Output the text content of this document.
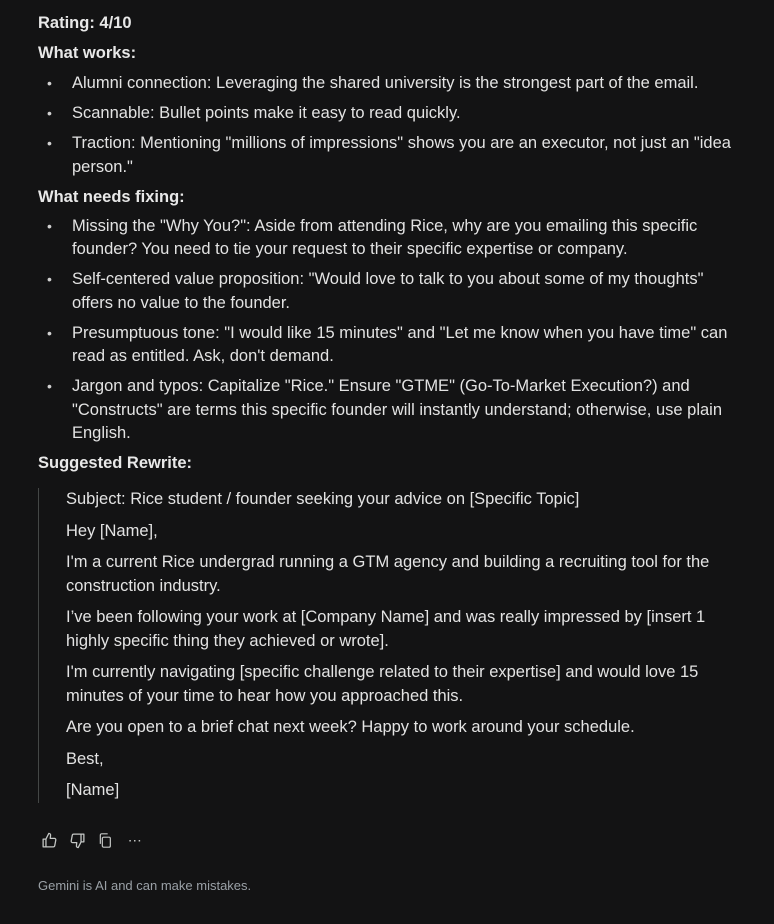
Rating: 4/10

What works:

• Alumni connection: Leveraging the shared university is the strongest part of the email.
• Scannable: Bullet points make it easy to read quickly.
• Traction: Mentioning "millions of impressions" shows you are an executor, not just an "idea person."

What needs fixing:

• Missing the "Why You?": Aside from attending Rice, why are you emailing this specific founder? You need to tie your request to their specific expertise or company.
• Self-centered value proposition: "Would love to talk to you about some of my thoughts" offers no value to the founder.
• Presumptuous tone: "I would like 15 minutes" and "Let me know when you have time" can read as entitled. Ask, don't demand.
• Jargon and typos: Capitalize "Rice." Ensure "GTME" (Go-To-Market Execution?) and "Constructs" are terms this specific founder will instantly understand; otherwise, use plain English.

Suggested Rewrite:

Subject: Rice student / founder seeking your advice on [Specific Topic]

Hey [Name],

I'm a current Rice undergrad running a GTM agency and building a recruiting tool for the construction industry.

I’ve been following your work at [Company Name] and was really impressed by [insert 1 highly specific thing they achieved or wrote].

I'm currently navigating [specific challenge related to their expertise] and would love 15 minutes of your time to hear how you approached this.

Are you open to a brief chat next week? Happy to work around your schedule.

Best,

[Name]

⋯
Gemini is AI and can make mistakes.
